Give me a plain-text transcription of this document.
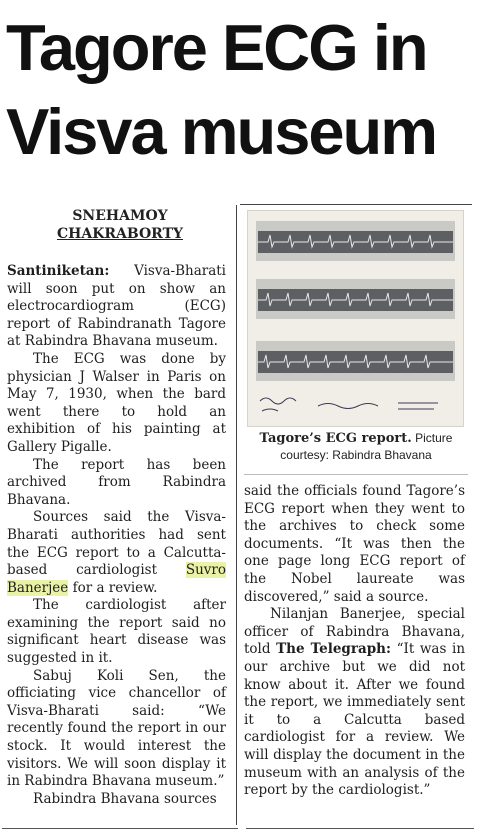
Tagore ECG in
Visva museum
SNEHAMOY
CHAKRABORTY

Santiniketan: Visva-Bharati will soon put on show an electrocardiogram (ECG) report of Rabindranath Tagore at Rabindra Bhavana museum.

The ECG was done by physician J Walser in Paris on May 7, 1930, when the bard went there to hold an exhibition of his painting at Gallery Pigalle.

The report has been archived from Rabindra Bhavana.

Sources said the Visva-Bharati authorities had sent the ECG report to a Calcutta-based cardiologist Suvro Banerjee for a review.

The cardiologist after examining the report said no significant heart disease was suggested in it.

Sabuj Koli Sen, the officiating vice chancellor of Visva-Bharati said: “We recently found the report in our stock. It would interest the visitors. We will soon display it in Rabindra Bhavana museum.”

Rabindra Bhavana sources

Tagore’s ECG report. Picture courtesy: Rabindra Bhavana

said the officials found Tagore’s ECG report when they went to the archives to check some documents. “It was then the one page long ECG report of the Nobel laureate was discovered,” said a source.

Nilanjan Banerjee, special officer of Rabindra Bhavana, told The Telegraph: “It was in our archive but we did not know about it. After we found the report, we immediately sent it to a Calcutta based cardiologist for a review. We will display the document in the museum with an analysis of the report by the cardiologist.”
